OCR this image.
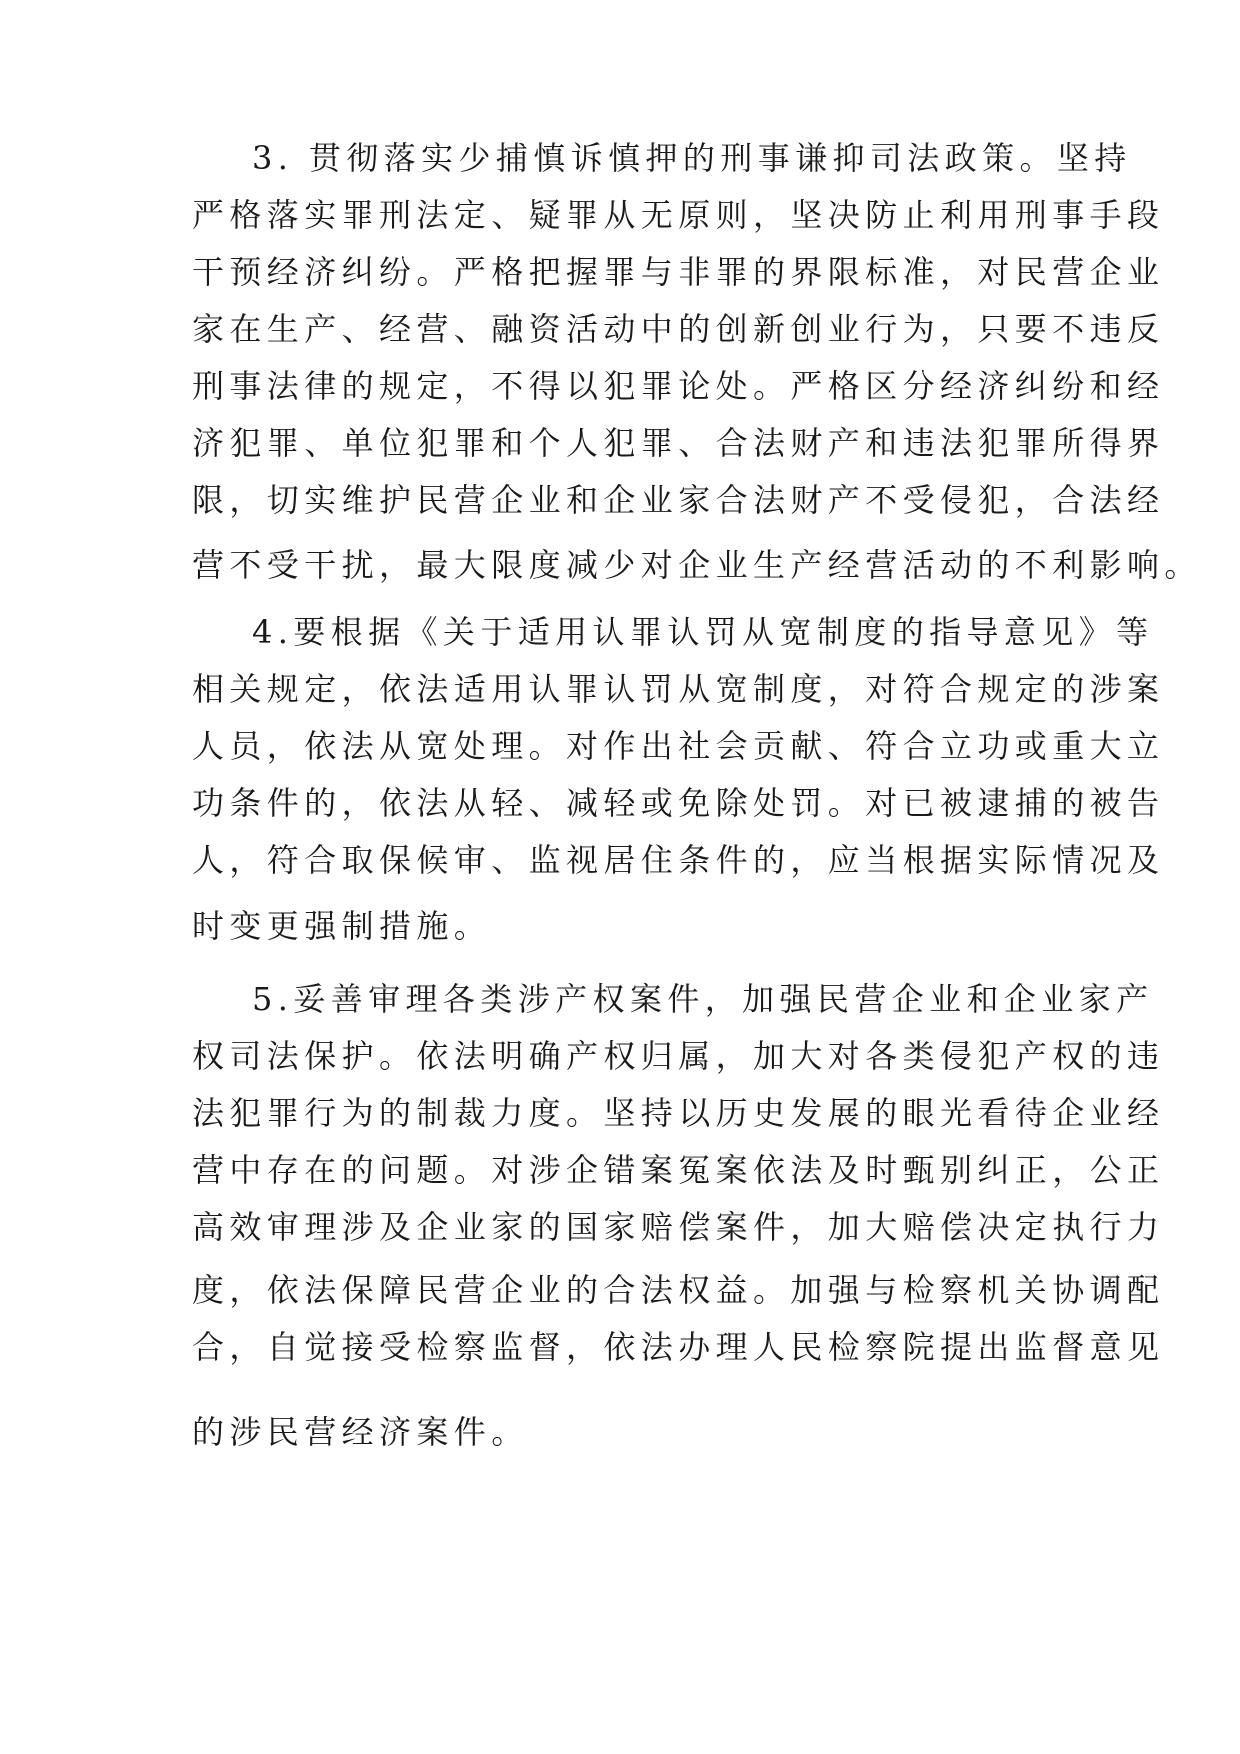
3. 贯彻落实少捕慎诉慎押的刑事谦抑司法政策。坚持
严格落实罪刑法定、疑罪从无原则，坚决防止利用刑事手段
干预经济纠纷。严格把握罪与非罪的界限标准，对民营企业
家在生产、经营、融资活动中的创新创业行为，只要不违反
刑事法律的规定，不得以犯罪论处。严格区分经济纠纷和经
济犯罪、单位犯罪和个人犯罪、合法财产和违法犯罪所得界
限，切实维护民营企业和企业家合法财产不受侵犯，合法经
营不受干扰，最大限度减少对企业生产经营活动的不利影响。
4.要根据《关于适用认罪认罚从宽制度的指导意见》等
相关规定，依法适用认罪认罚从宽制度，对符合规定的涉案
人员，依法从宽处理。对作出社会贡献、符合立功或重大立
功条件的，依法从轻、减轻或免除处罚。对已被逮捕的被告
人，符合取保候审、监视居住条件的，应当根据实际情况及
时变更强制措施。
5.妥善审理各类涉产权案件，加强民营企业和企业家产
权司法保护。依法明确产权归属，加大对各类侵犯产权的违
法犯罪行为的制裁力度。坚持以历史发展的眼光看待企业经
营中存在的问题。对涉企错案冤案依法及时甄别纠正，公正
高效审理涉及企业家的国家赔偿案件，加大赔偿决定执行力
度，依法保障民营企业的合法权益。加强与检察机关协调配
合，自觉接受检察监督，依法办理人民检察院提出监督意见
的涉民营经济案件。
